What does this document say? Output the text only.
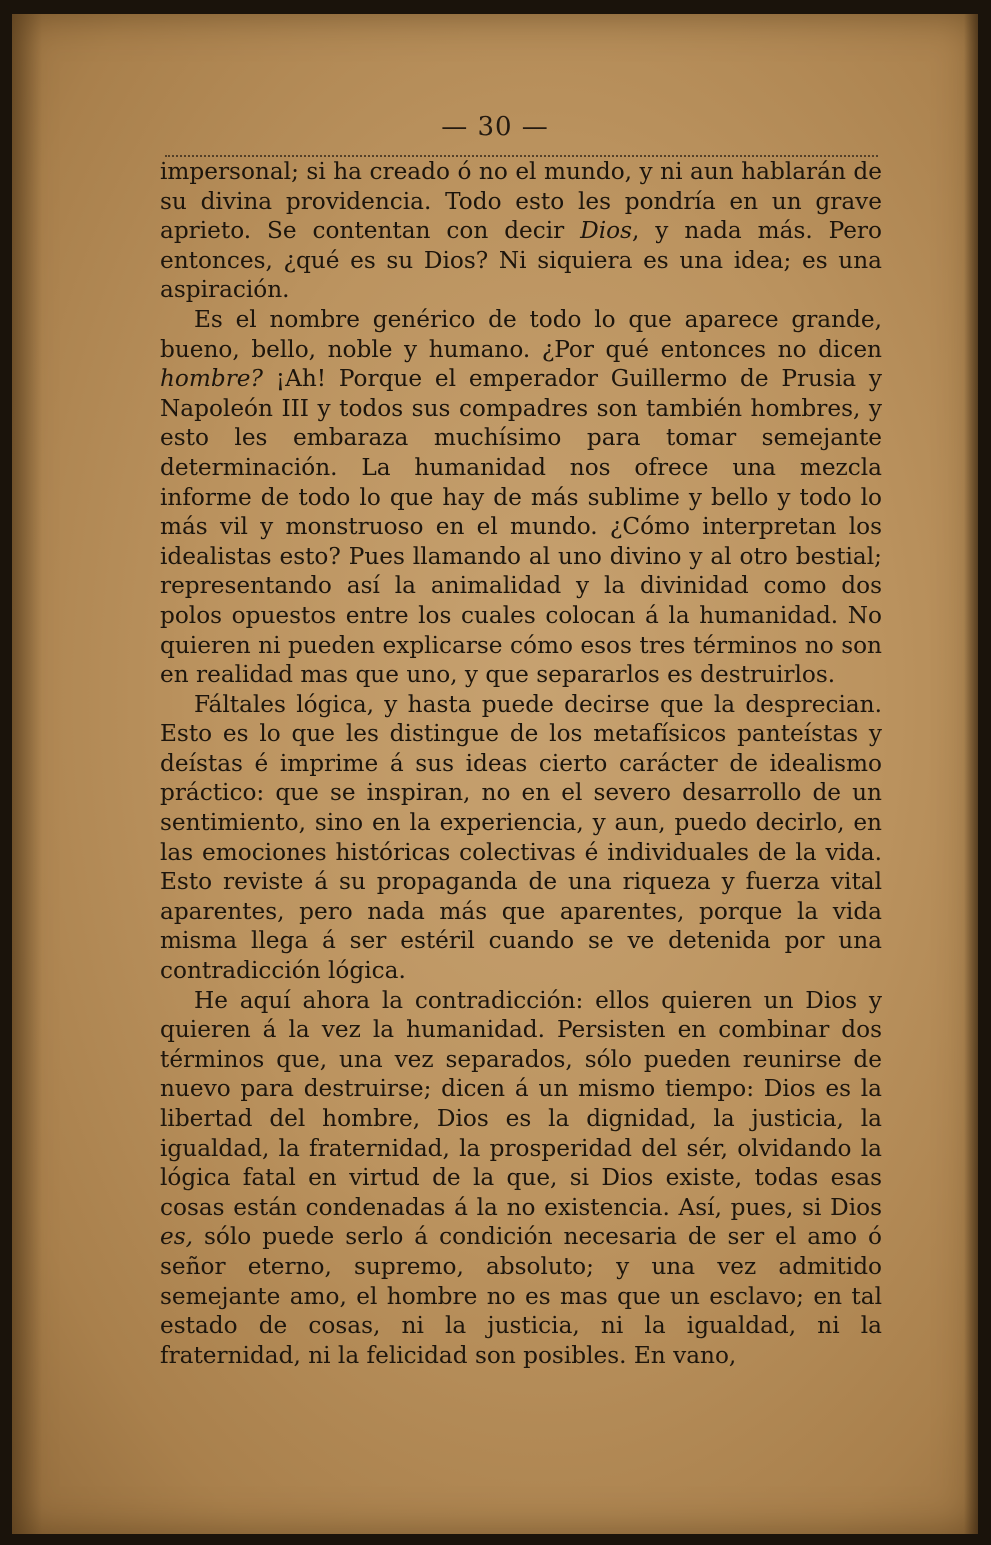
— 30 —

impersonal; si ha creado ó no el mundo, y ni aun hablarán de su divina providencia. Todo esto les pondría en un grave aprieto. Se contentan con decir Dios, y nada más. Pero entonces, ¿qué es su Dios? Ni siquiera es una idea; es una aspiración.

Es el nombre genérico de todo lo que aparece grande, bueno, bello, noble y humano. ¿Por qué entonces no dicen hombre? ¡Ah! Porque el emperador Guillermo de Prusia y Napoleón III y todos sus compadres son también hombres, y esto les embaraza muchísimo para tomar semejante determinación. La humanidad nos ofrece una mezcla informe de todo lo que hay de más sublime y bello y todo lo más vil y monstruoso en el mundo. ¿Cómo interpretan los idealistas esto? Pues llamando al uno divino y al otro bestial; representando así la animalidad y la divinidad como dos polos opuestos entre los cuales colocan á la humanidad. No quieren ni pueden explicarse cómo esos tres términos no son en realidad mas que uno, y que separarlos es destruirlos.

Fáltales lógica, y hasta puede decirse que la desprecian. Esto es lo que les distingue de los metafísicos panteístas y deístas é imprime á sus ideas cierto carácter de idealismo práctico: que se inspiran, no en el severo desarrollo de un sentimiento, sino en la experiencia, y aun, puedo decirlo, en las emociones históricas colectivas é individuales de la vida. Esto reviste á su propaganda de una riqueza y fuerza vital aparentes, pero nada más que aparentes, porque la vida misma llega á ser estéril cuando se ve detenida por una contradicción lógica.

He aquí ahora la contradicción: ellos quieren un Dios y quieren á la vez la humanidad. Persisten en combinar dos términos que, una vez separados, sólo pueden reunirse de nuevo para destruirse; dicen á un mismo tiempo: Dios es la libertad del hombre, Dios es la dignidad, la justicia, la igualdad, la fraternidad, la prosperidad del sér, olvidando la lógica fatal en virtud de la que, si Dios existe, todas esas cosas están condenadas á la no existencia. Así, pues, si Dios es, sólo puede serlo á condición necesaria de ser el amo ó señor eterno, supremo, absoluto; y una vez admitido semejante amo, el hombre no es mas que un esclavo; en tal estado de cosas, ni la justicia, ni la igualdad, ni la fraternidad, ni la felicidad son posibles. En vano,
